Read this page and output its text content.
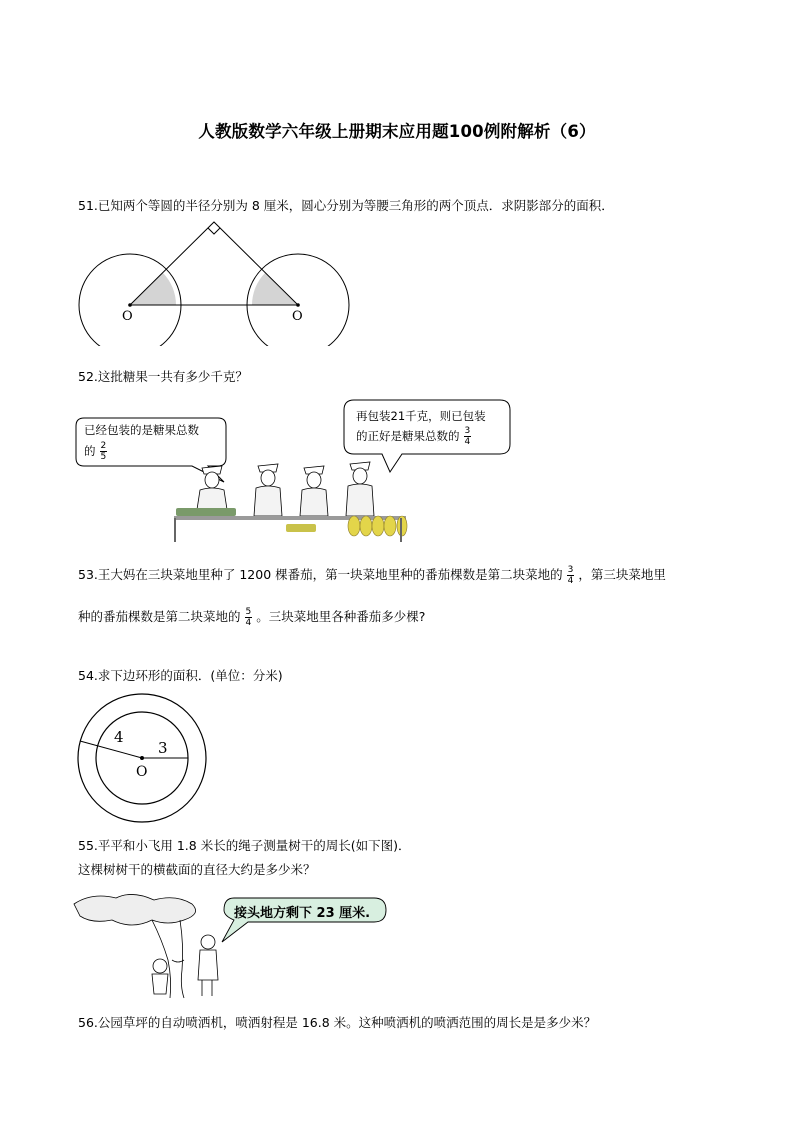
人教版数学六年级上册期末应用题100例附解析（6）
51.已知两个等圆的半径分别为 8 厘米，圆心分别为等腰三角形的两个顶点．求阴影部分的面积．
O	O
52.这批糖果一共有多少千克？
已经包装的是糖果总数
的 $\frac{2}{5}$
再包装21千克，则已包装
的正好是糖果总数的 $\frac{3}{4}$
53.王大妈在三块菜地里种了 1200 棵番茄，第一块菜地里种的番茄棵数是第二块菜地的 $\frac{3}{4}$ ，第三块菜地里
种的番茄棵数是第二块菜地的 $\frac{5}{4}$ 。三块菜地里各种番茄多少棵?
54.求下边环形的面积．(单位：分米)
4
3
O
55.平平和小飞用 1.8 米长的绳子测量树干的周长(如下图)．
这棵树树干的横截面的直径大约是多少米？
接头地方剩下 23 厘米.
56.公园草坪的自动喷洒机，喷洒射程是 16.8 米。这种喷洒机的喷洒范围的周长是是多少米？
